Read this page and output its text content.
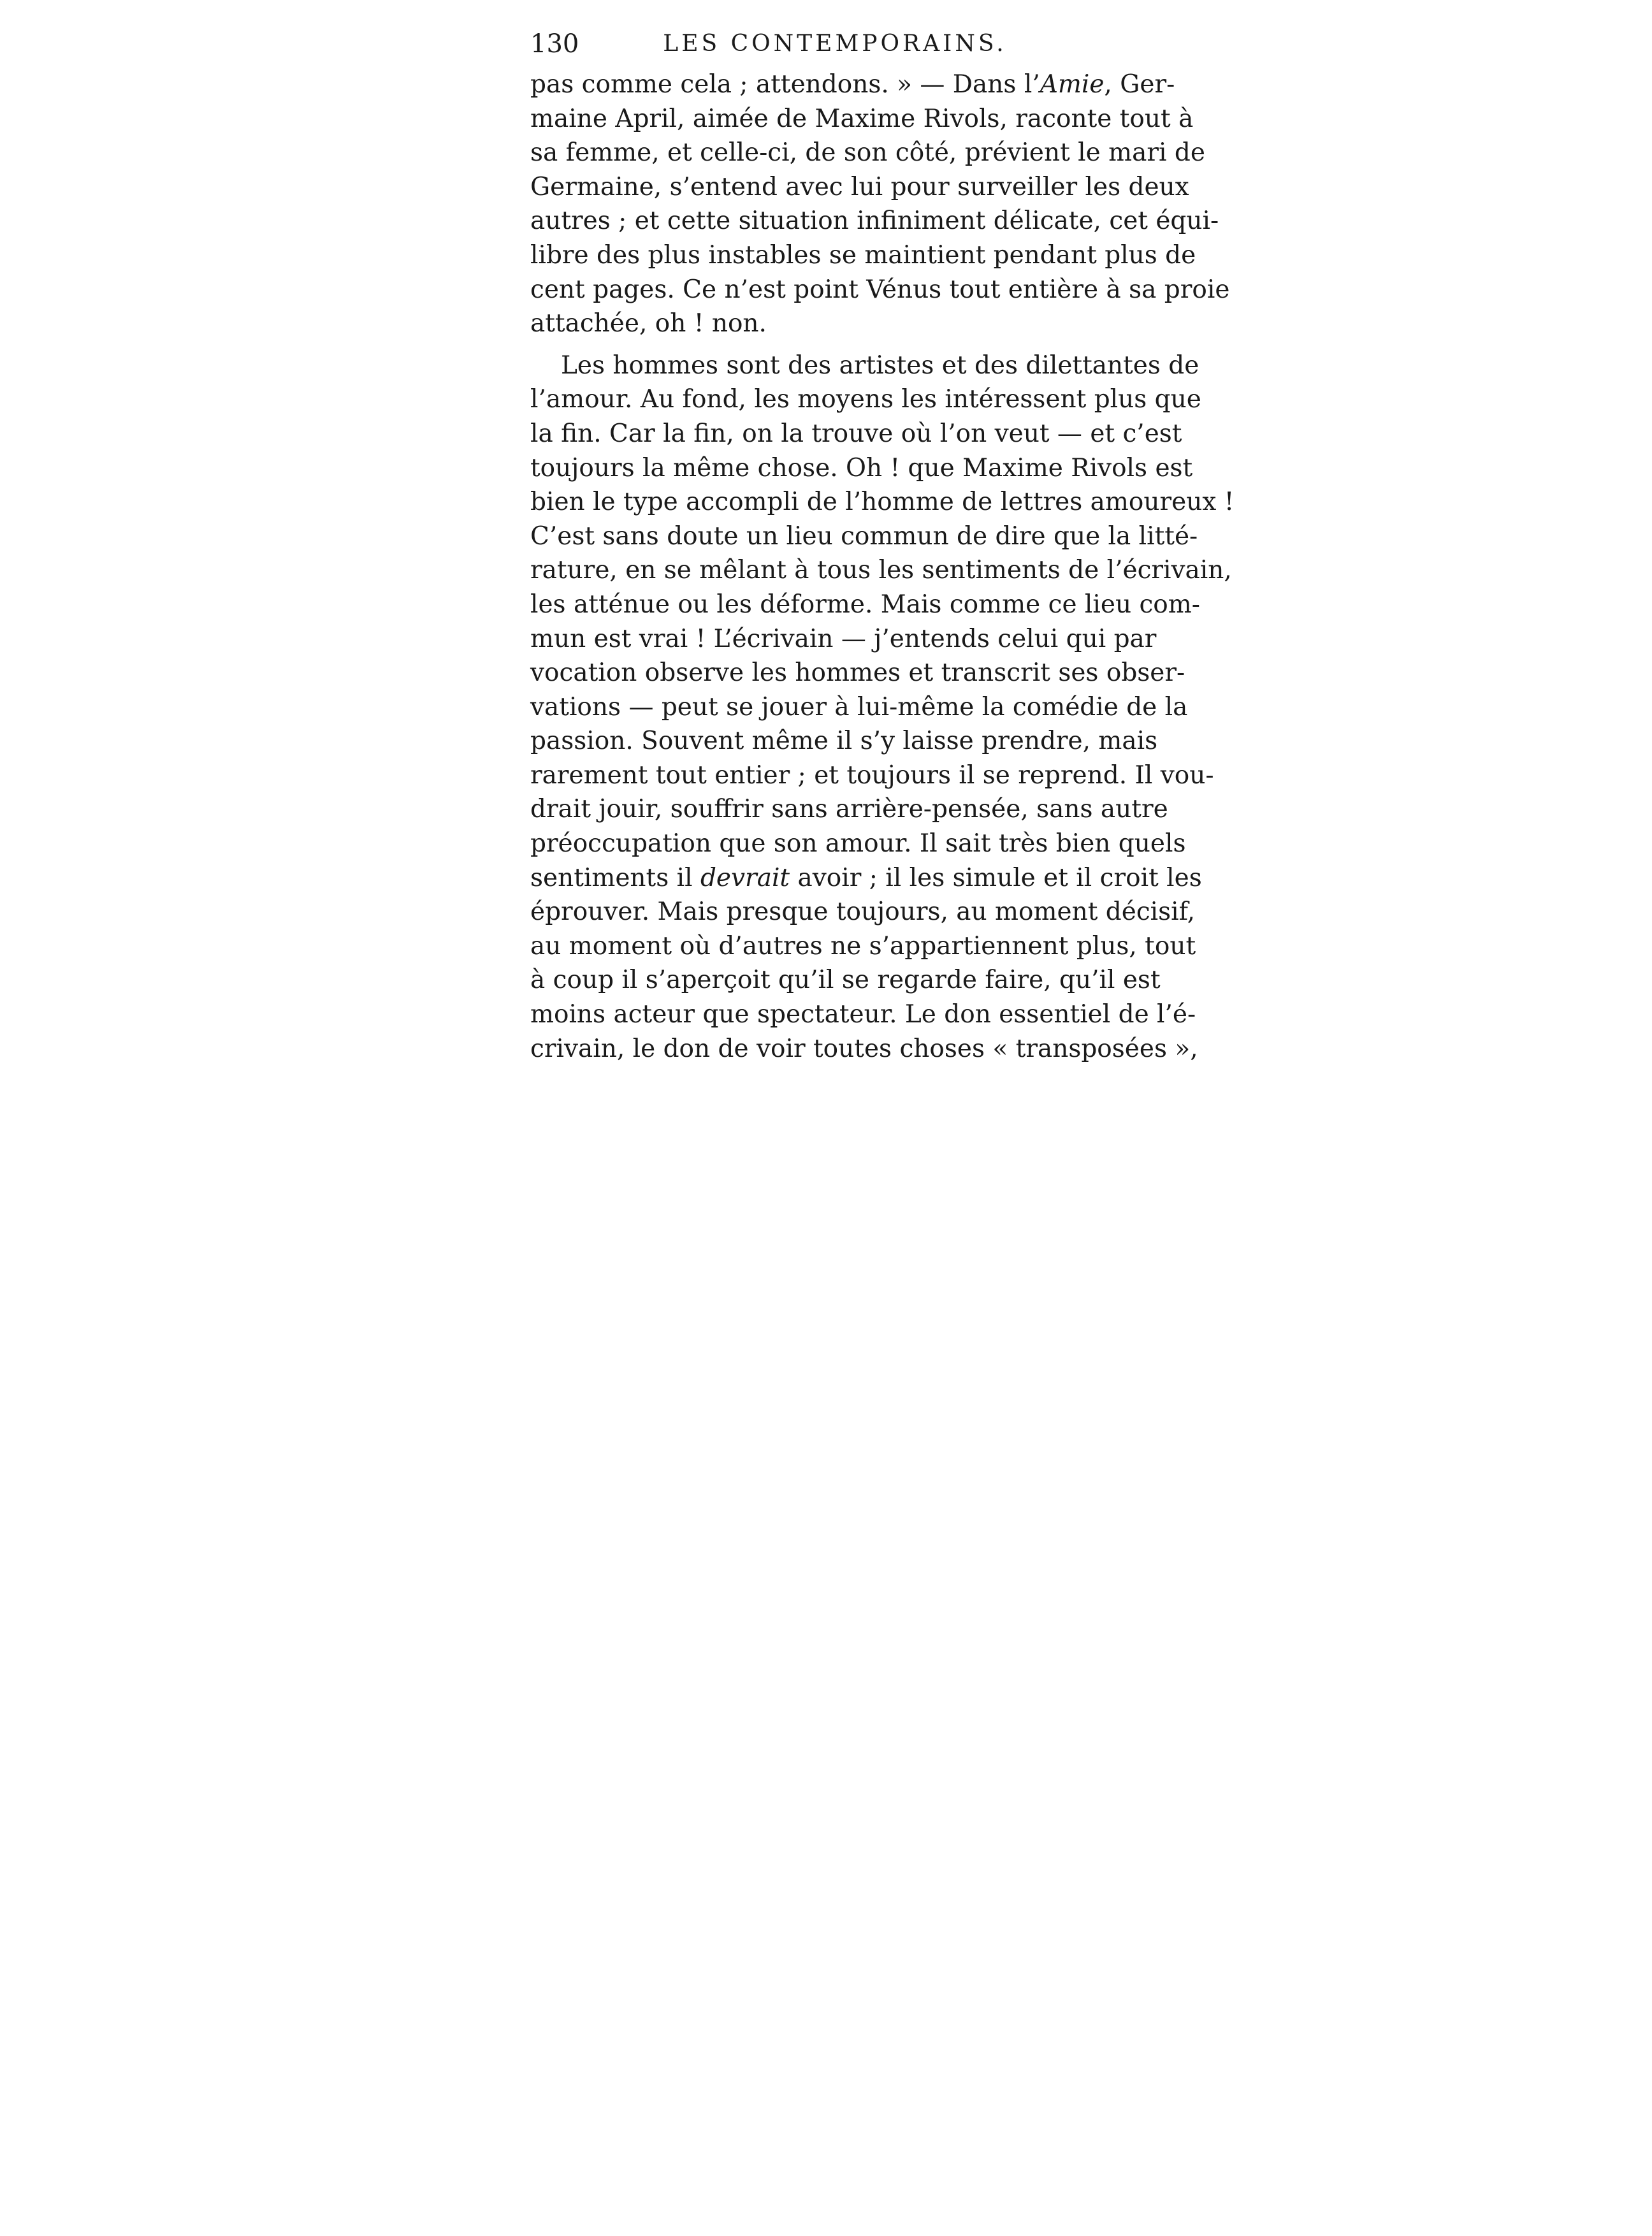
130	LES CONTEMPORAINS.
pas comme cela ; attendons. » — Dans l’Amie, Ger-
maine April, aimée de Maxime Rivols, raconte tout à
sa femme, et celle-ci, de son côté, prévient le mari de
Germaine, s’entend avec lui pour surveiller les deux
autres ; et cette situation infiniment délicate, cet équi-
libre des plus instables se maintient pendant plus de
cent pages. Ce n’est point Vénus tout entière à sa proie
attachée, oh ! non.
Les hommes sont des artistes et des dilettantes de
l’amour. Au fond, les moyens les intéressent plus que
la fin. Car la fin, on la trouve où l’on veut — et c’est
toujours la même chose. Oh ! que Maxime Rivols est
bien le type accompli de l’homme de lettres amoureux !
C’est sans doute un lieu commun de dire que la litté-
rature, en se mêlant à tous les sentiments de l’écrivain,
les atténue ou les déforme. Mais comme ce lieu com-
mun est vrai ! L’écrivain — j’entends celui qui par
vocation observe les hommes et transcrit ses obser-
vations — peut se jouer à lui-même la comédie de la
passion. Souvent même il s’y laisse prendre, mais
rarement tout entier ; et toujours il se reprend. Il vou-
drait jouir, souffrir sans arrière-pensée, sans autre
préoccupation que son amour. Il sait très bien quels
sentiments il devrait avoir ; il les simule et il croit les
éprouver. Mais presque toujours, au moment décisif,
au moment où d’autres ne s’appartiennent plus, tout
à coup il s’aperçoit qu’il se regarde faire, qu’il est
moins acteur que spectateur. Le don essentiel de l’é-
crivain, le don de voir toutes choses « transposées »,
